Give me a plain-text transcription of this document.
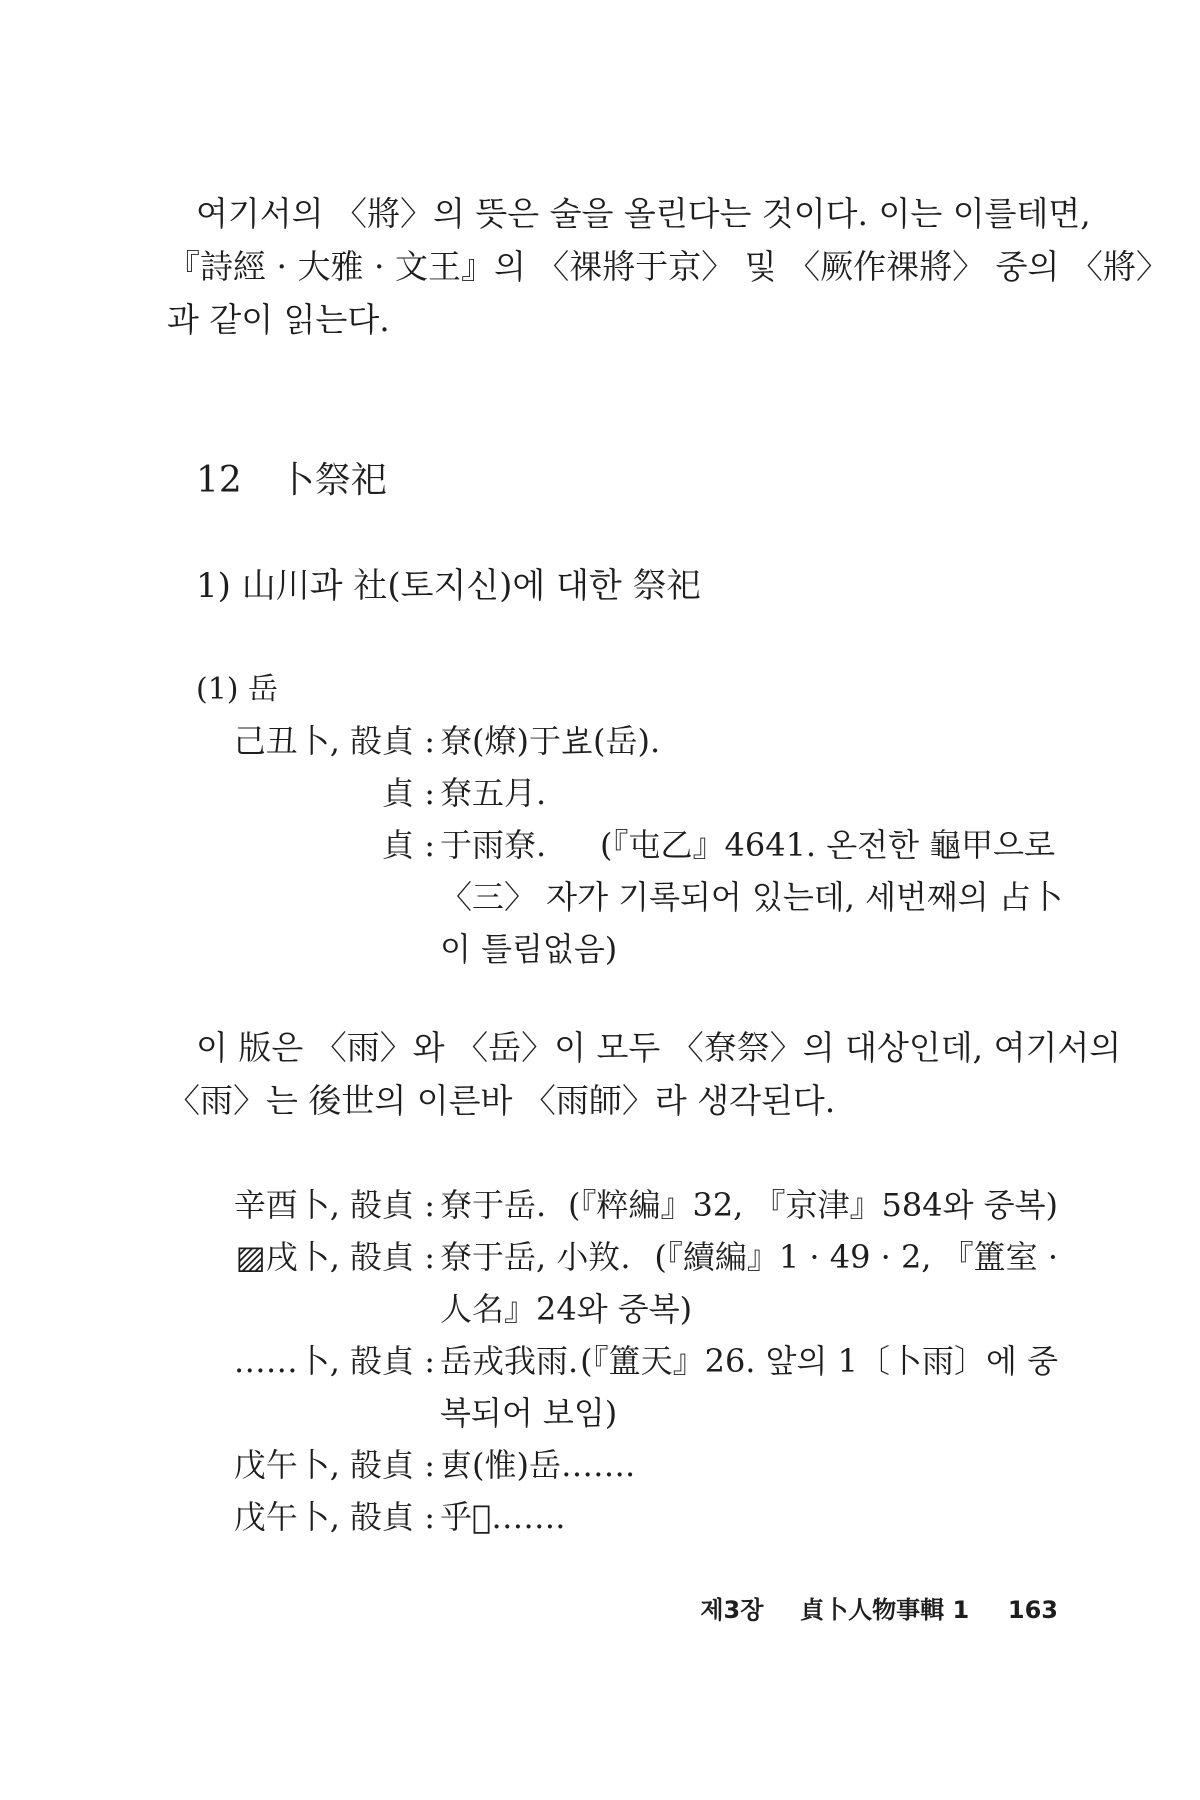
여기서의 〈將〉의 뜻은 술을 올린다는 것이다. 이는 이를테면,
『詩經 · 大雅 · 文王』의 〈祼將于京〉 및 〈厥作祼將〉 중의 〈將〉
과 같이 읽는다.
12 卜祭祀
1) 山川과 社(토지신)에 대한 祭祀
(1) 岳
己丑卜, 㱿貞 : 尞(燎)于𡶦(岳).
貞 : 尞五月.
貞 : 于雨尞. (『屯乙』4641. 온전한 龜甲으로
〈三〉 자가 기록되어 있는데, 세번째의 占卜
이 틀림없음)
이 版은 〈雨〉와 〈岳〉이 모두 〈尞祭〉의 대상인데, 여기서의
〈雨〉는 後世의 이른바 〈雨師〉라 생각된다.
辛酉卜, 㱿貞 : 尞于岳. (『粹編』32, 『京津』584와 중복)
▨戌卜, 㱿貞 : 尞于岳, 小䍩. (『續編』1 · 49 · 2, 『簠室 ·
人名』24와 중복)
……卜, 㱿貞 : 岳戎我雨. (『簠天』26. 앞의 1〔卜雨〕에 중
복되어 보임)
戊午卜, 㱿貞 : 叀(惟)岳…….
戊午卜, 㱿貞 : 乎𦎫…….
제3장 貞卜人物事輯 1 163
